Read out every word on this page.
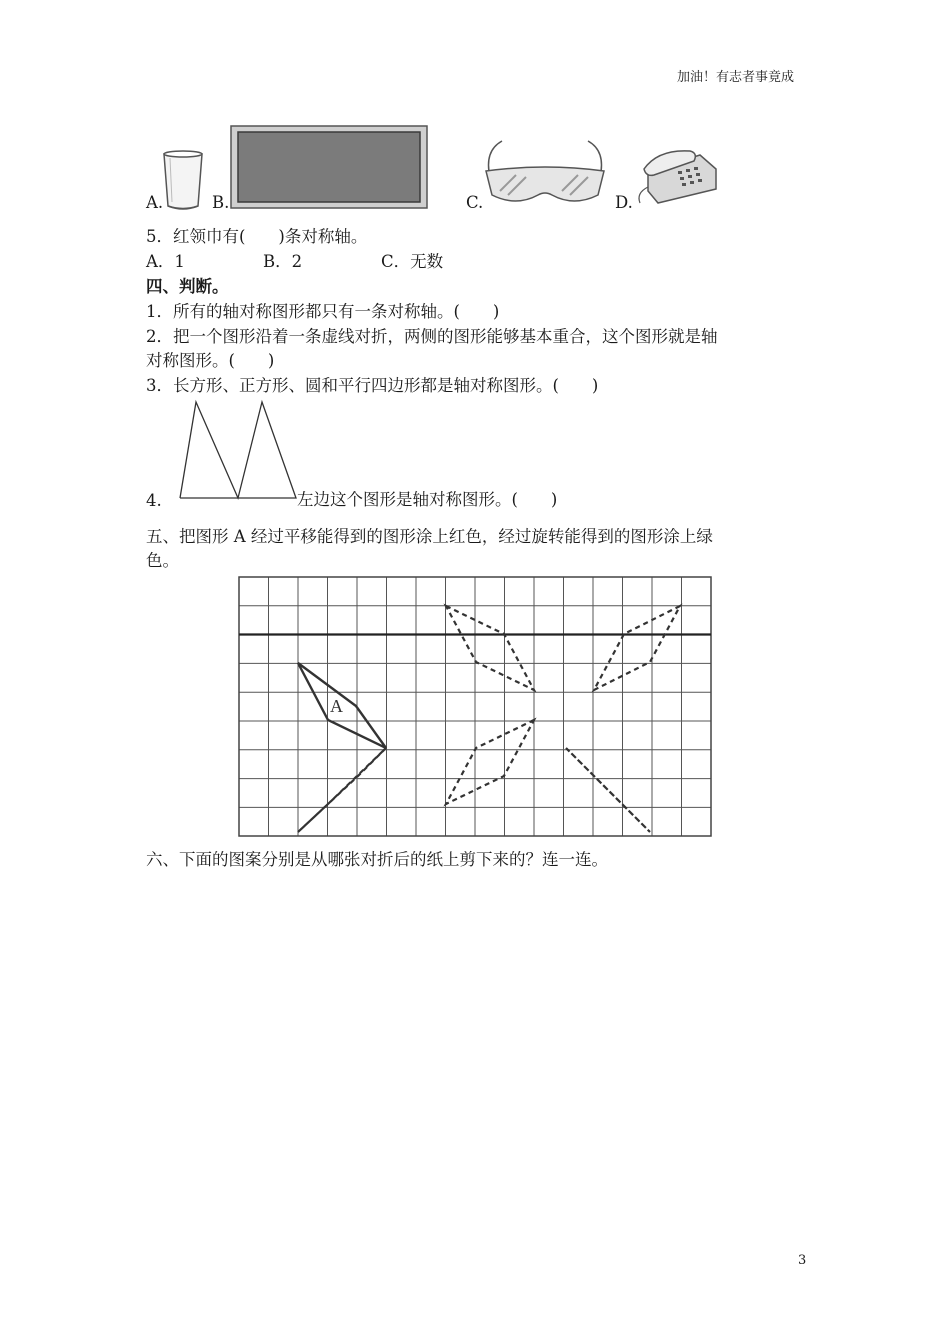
加油！有志者事竟成
A.	B.	C.	D.
5．红领巾有(　　)条对称轴。
A．1	B．2	C．无数
四、判断。
1．所有的轴对称图形都只有一条对称轴。(　　)
2．把一个图形沿着一条虚线对折，两侧的图形能够基本重合，这个图形就是轴
对称图形。(　　)
3．长方形、正方形、圆和平行四边形都是轴对称图形。(　　)
4.	左边这个图形是轴对称图形。(　　)
五、把图形 A 经过平移能得到的图形涂上红色，经过旋转能得到的图形涂上绿
色。
A
六、下面的图案分别是从哪张对折后的纸上剪下来的？连一连。
3
